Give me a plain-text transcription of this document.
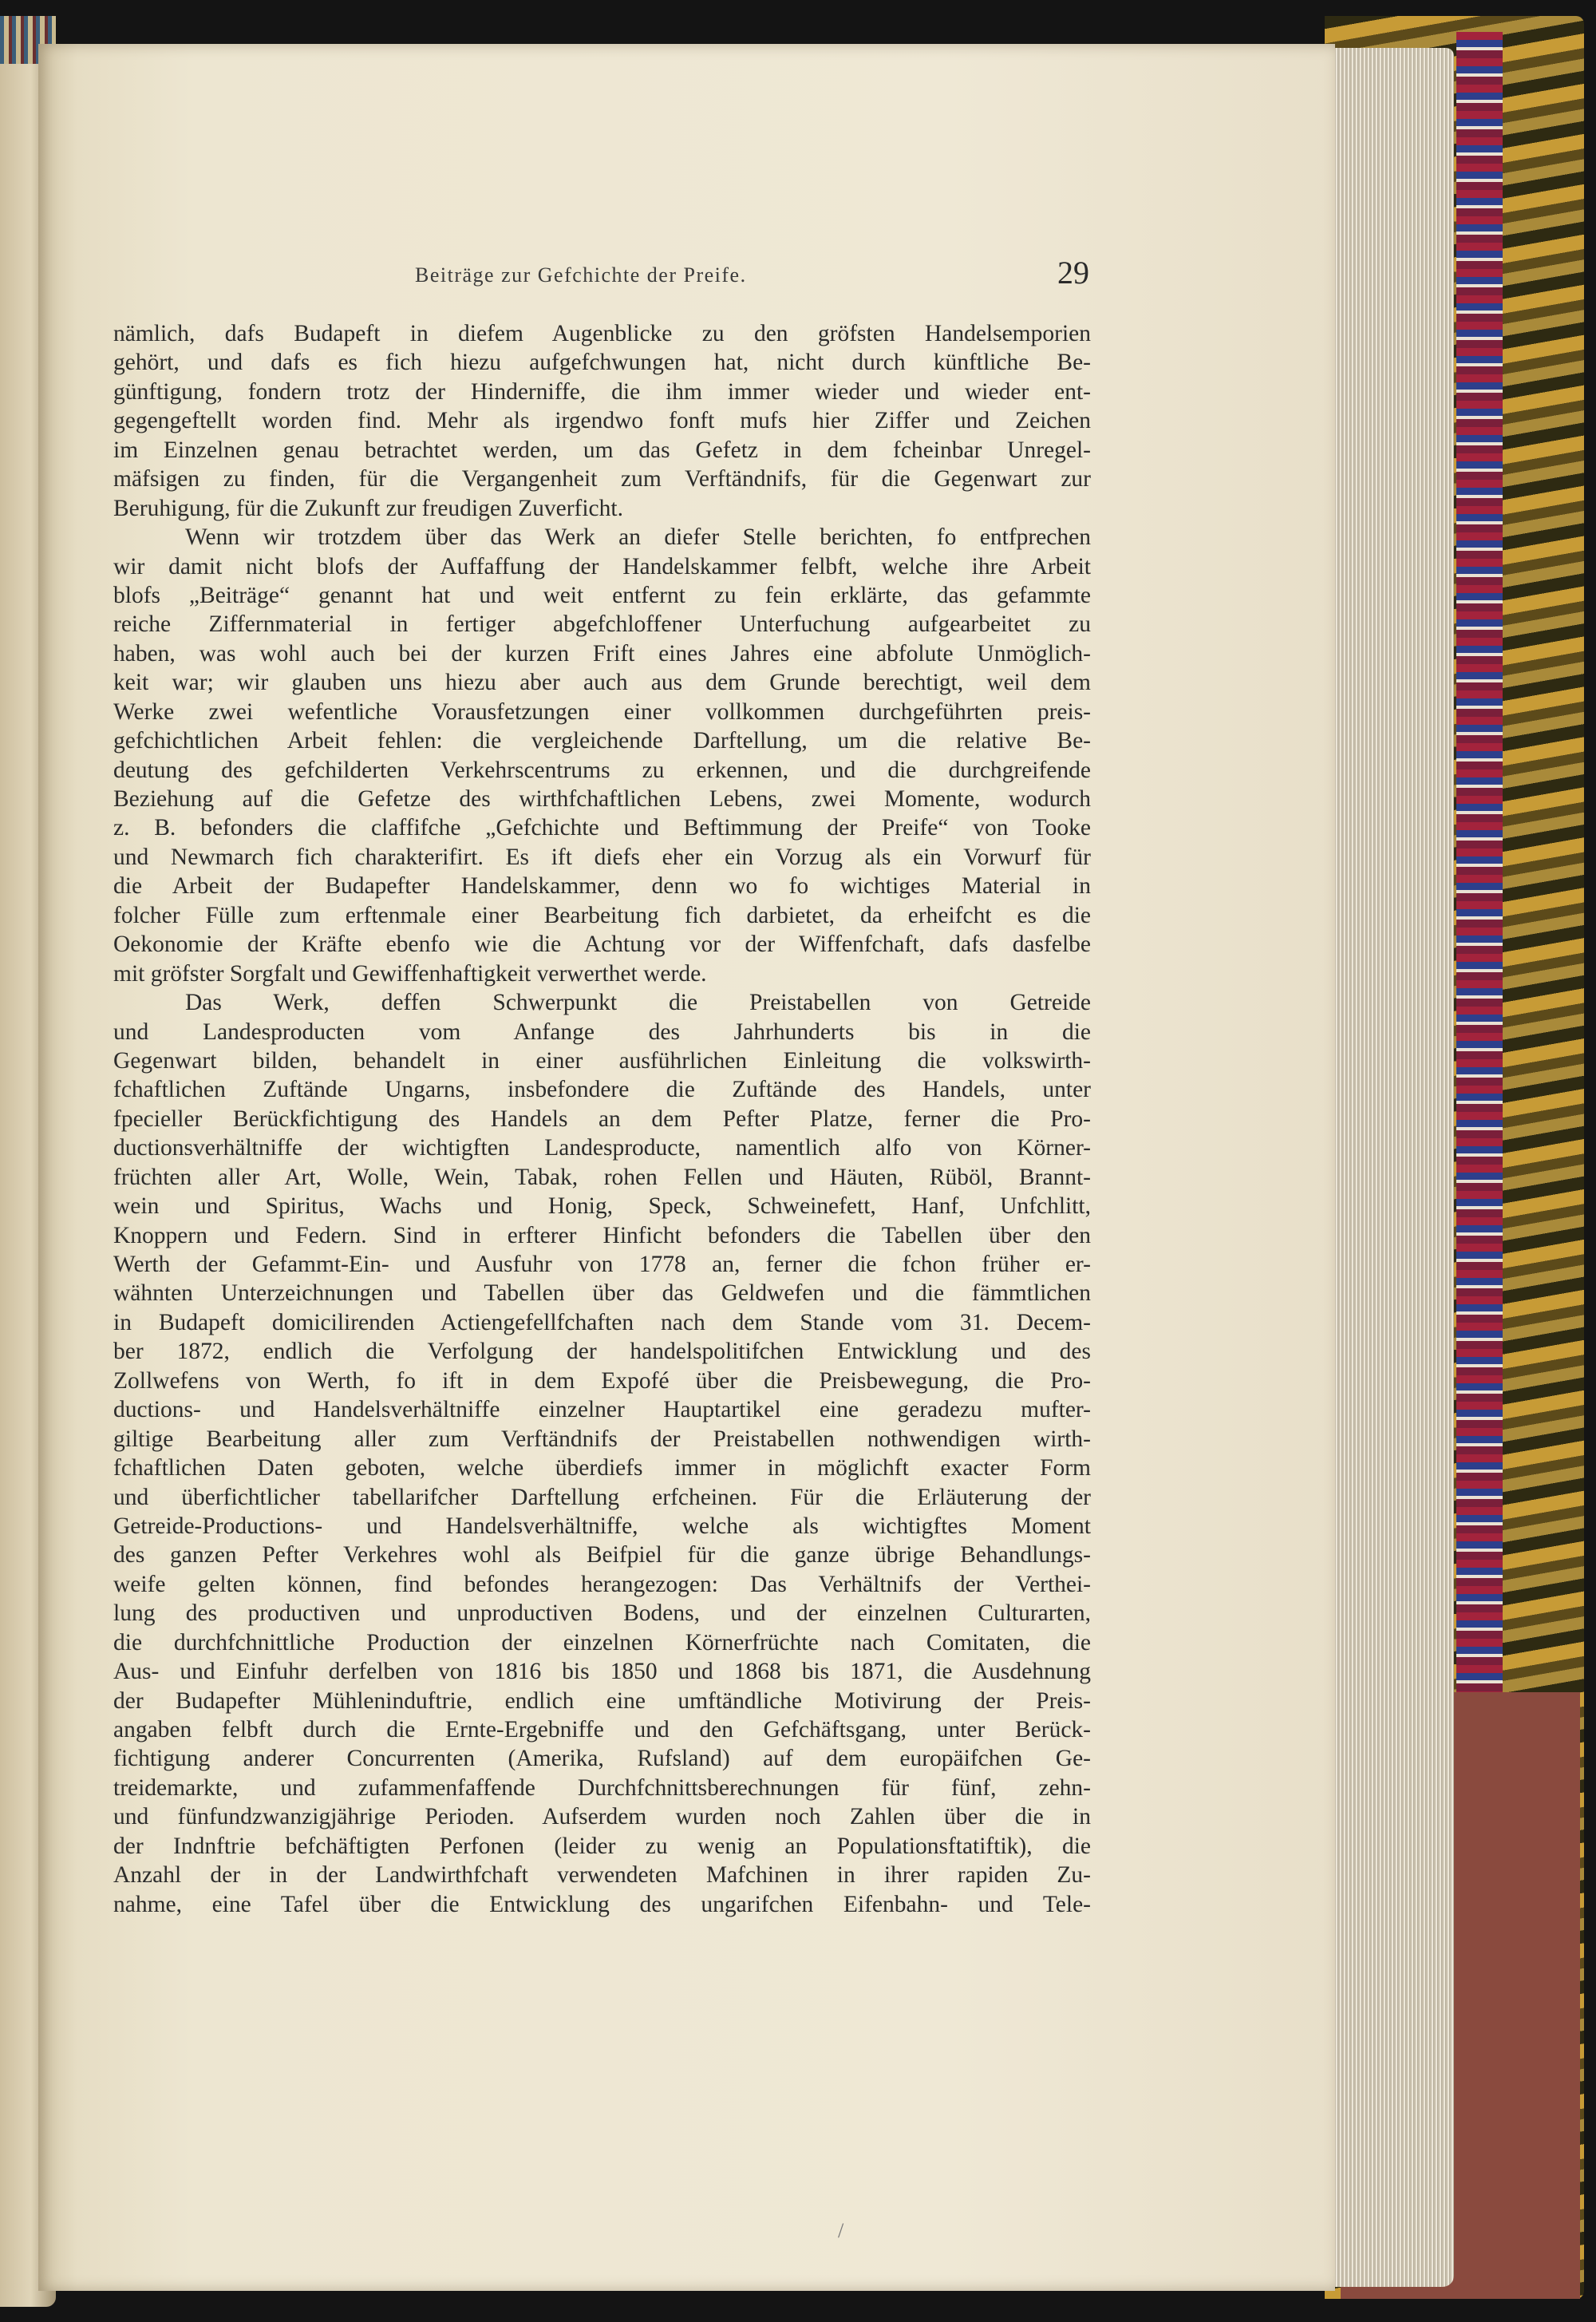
Beiträge zur Gefchichte der Preife.	29
nämlich, dafs Budapeft in diefem Augenblicke zu den gröfsten Handelsemporien
gehört, und dafs es fich hiezu aufgefchwungen hat, nicht durch künftliche Be-
günftigung, fondern trotz der Hinderniffe, die ihm immer wieder und wieder ent-
gegengeftellt worden find. Mehr als irgendwo fonft mufs hier Ziffer und Zeichen
im Einzelnen genau betrachtet werden, um das Gefetz in dem fcheinbar Unregel-
mäfsigen zu finden, für die Vergangenheit zum Verftändnifs, für die Gegenwart zur
Beruhigung, für die Zukunft zur freudigen Zuverficht.
Wenn wir trotzdem über das Werk an diefer Stelle berichten, fo entfprechen
wir damit nicht blofs der Auffaffung der Handelskammer felbft, welche ihre Arbeit
blofs „Beiträge“ genannt hat und weit entfernt zu fein erklärte, das gefammte
reiche Ziffernmaterial in fertiger abgefchloffener Unterfuchung aufgearbeitet zu
haben, was wohl auch bei der kurzen Frift eines Jahres eine abfolute Unmöglich-
keit war; wir glauben uns hiezu aber auch aus dem Grunde berechtigt, weil dem
Werke zwei wefentliche Vorausfetzungen einer vollkommen durchgeführten preis-
gefchichtlichen Arbeit fehlen: die vergleichende Darftellung, um die relative Be-
deutung des gefchilderten Verkehrscentrums zu erkennen, und die durchgreifende
Beziehung auf die Gefetze des wirthfchaftlichen Lebens, zwei Momente, wodurch
z. B. befonders die claffifche „Gefchichte und Beftimmung der Preife“ von Tooke
und Newmarch fich charakterifirt. Es ift diefs eher ein Vorzug als ein Vorwurf für
die Arbeit der Budapefter Handelskammer, denn wo fo wichtiges Material in
folcher Fülle zum erftenmale einer Bearbeitung fich darbietet, da erheifcht es die
Oekonomie der Kräfte ebenfo wie die Achtung vor der Wiffenfchaft, dafs dasfelbe
mit gröfster Sorgfalt und Gewiffenhaftigkeit verwerthet werde.
Das Werk, deffen Schwerpunkt die Preistabellen von Getreide
und Landesproducten vom Anfange des Jahrhunderts bis in die
Gegenwart bilden, behandelt in einer ausführlichen Einleitung die volkswirth-
fchaftlichen Zuftände Ungarns, insbefondere die Zuftände des Handels, unter
fpecieller Berückfichtigung des Handels an dem Pefter Platze, ferner die Pro-
ductionsverhältniffe der wichtigften Landesproducte, namentlich alfo von Körner-
früchten aller Art, Wolle, Wein, Tabak, rohen Fellen und Häuten, Rüböl, Brannt-
wein und Spiritus, Wachs und Honig, Speck, Schweinefett, Hanf, Unfchlitt,
Knoppern und Federn. Sind in erfterer Hinficht befonders die Tabellen über den
Werth der Gefammt-Ein- und Ausfuhr von 1778 an, ferner die fchon früher er-
wähnten Unterzeichnungen und Tabellen über das Geldwefen und die fämmtlichen
in Budapeft domicilirenden Actiengefellfchaften nach dem Stande vom 31. Decem-
ber 1872, endlich die Verfolgung der handelspolitifchen Entwicklung und des
Zollwefens von Werth, fo ift in dem Expofé über die Preisbewegung, die Pro-
ductions- und Handelsverhältniffe einzelner Hauptartikel eine geradezu mufter-
giltige Bearbeitung aller zum Verftändnifs der Preistabellen nothwendigen wirth-
fchaftlichen Daten geboten, welche überdiefs immer in möglichft exacter Form
und überfichtlicher tabellarifcher Darftellung erfcheinen. Für die Erläuterung der
Getreide-Productions- und Handelsverhältniffe, welche als wichtigftes Moment
des ganzen Pefter Verkehres wohl als Beifpiel für die ganze übrige Behandlungs-
weife gelten können, find befondes herangezogen: Das Verhältnifs der Verthei-
lung des productiven und unproductiven Bodens, und der einzelnen Culturarten,
die durchfchnittliche Production der einzelnen Körnerfrüchte nach Comitaten, die
Aus- und Einfuhr derfelben von 1816 bis 1850 und 1868 bis 1871, die Ausdehnung
der Budapefter Mühleninduftrie, endlich eine umftändliche Motivirung der Preis-
angaben felbft durch die Ernte-Ergebniffe und den Gefchäftsgang, unter Berück-
fichtigung anderer Concurrenten (Amerika, Rufsland) auf dem europäifchen Ge-
treidemarkte, und zufammenfaffende Durchfchnittsberechnungen für fünf, zehn-
und fünfundzwanzigjährige Perioden. Aufserdem wurden noch Zahlen über die in
der Indnftrie befchäftigten Perfonen (leider zu wenig an Populationsftatiftik), die
Anzahl der in der Landwirthfchaft verwendeten Mafchinen in ihrer rapiden Zu-
nahme, eine Tafel über die Entwicklung des ungarifchen Eifenbahn- und Tele-
/
